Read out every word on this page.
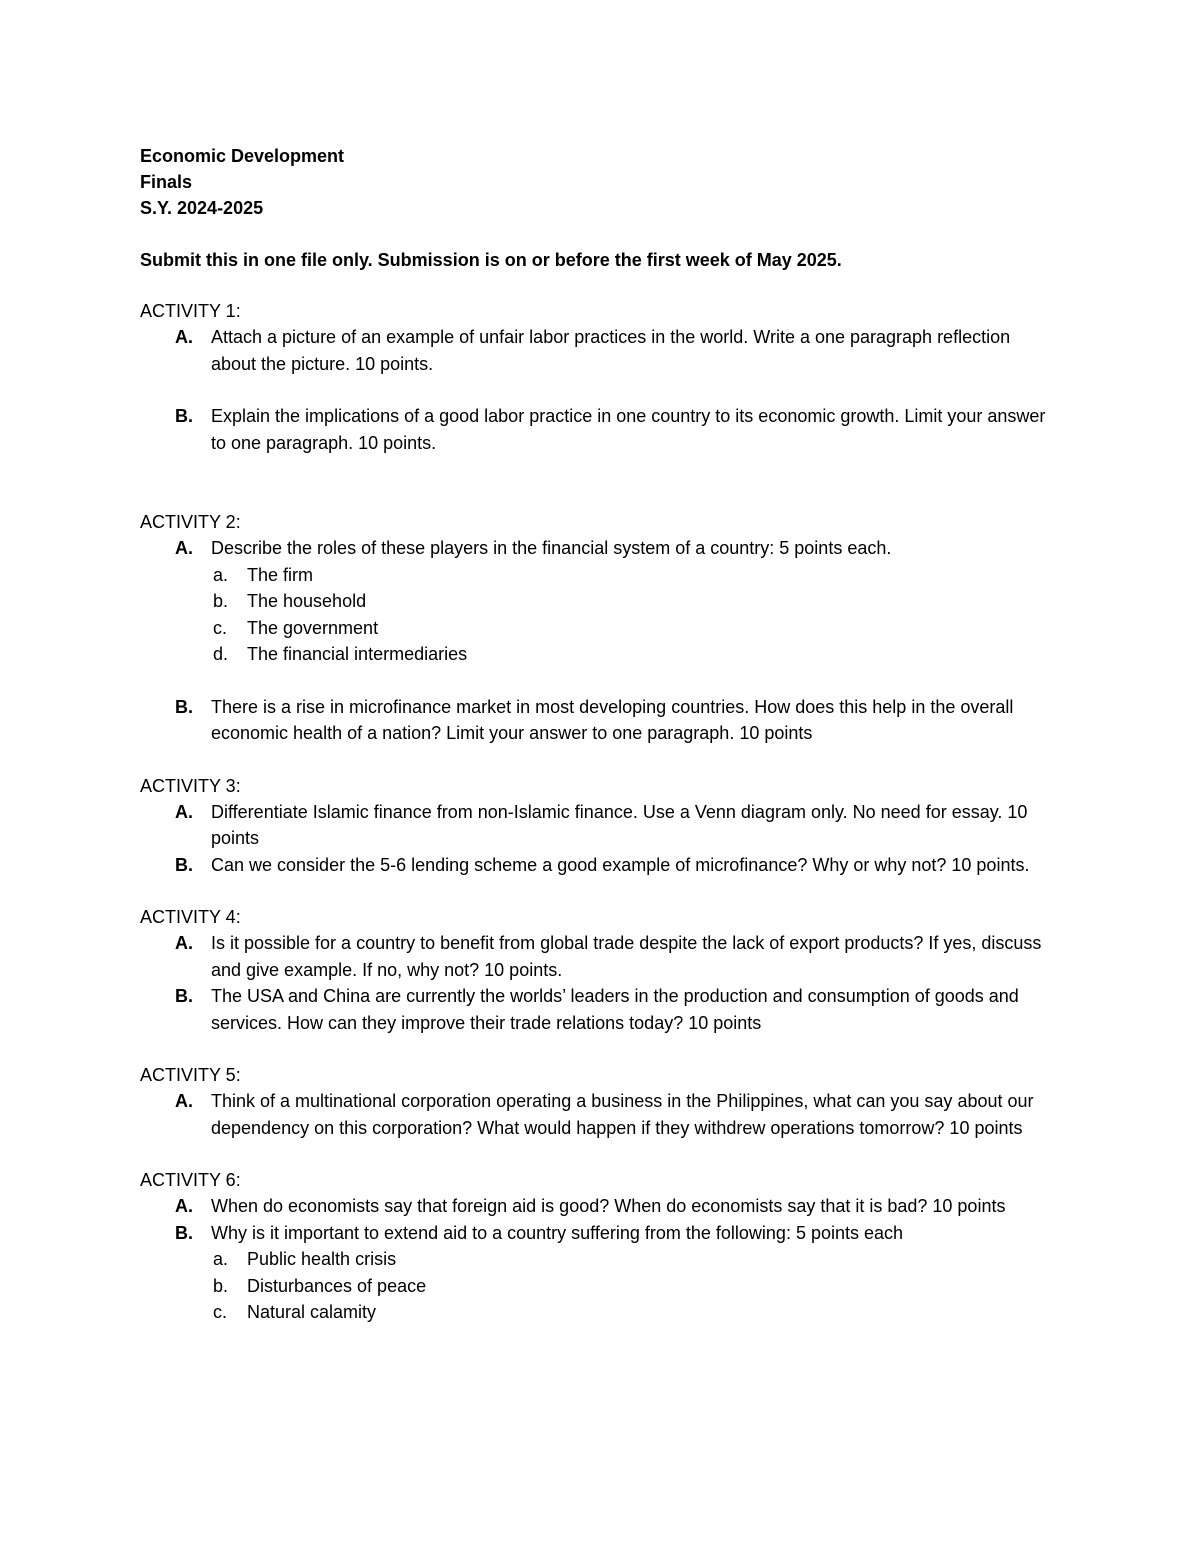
Economic Development
Finals
S.Y. 2024-2025
Submit this in one file only. Submission is on or before the first week of May 2025.
ACTIVITY 1:
A. Attach a picture of an example of unfair labor practices in the world. Write a one paragraph reflection about the picture. 10 points.
B. Explain the implications of a good labor practice in one country to its economic growth. Limit your answer to one paragraph. 10 points.
ACTIVITY 2:
A. Describe the roles of these players in the financial system of a country: 5 points each.
a. The firm
b. The household
c. The government
d. The financial intermediaries
B. There is a rise in microfinance market in most developing countries. How does this help in the overall economic health of a nation? Limit your answer to one paragraph. 10 points
ACTIVITY 3:
A. Differentiate Islamic finance from non-Islamic finance. Use a Venn diagram only. No need for essay. 10 points
B. Can we consider the 5-6 lending scheme a good example of microfinance? Why or why not? 10 points.
ACTIVITY 4:
A. Is it possible for a country to benefit from global trade despite the lack of export products? If yes, discuss and give example. If no, why not? 10 points.
B. The USA and China are currently the worlds’ leaders in the production and consumption of goods and services. How can they improve their trade relations today? 10 points
ACTIVITY 5:
A. Think of a multinational corporation operating a business in the Philippines, what can you say about our dependency on this corporation? What would happen if they withdrew operations tomorrow? 10 points
ACTIVITY 6:
A. When do economists say that foreign aid is good? When do economists say that it is bad? 10 points
B. Why is it important to extend aid to a country suffering from the following: 5 points each
a. Public health crisis
b. Disturbances of peace
c. Natural calamity
